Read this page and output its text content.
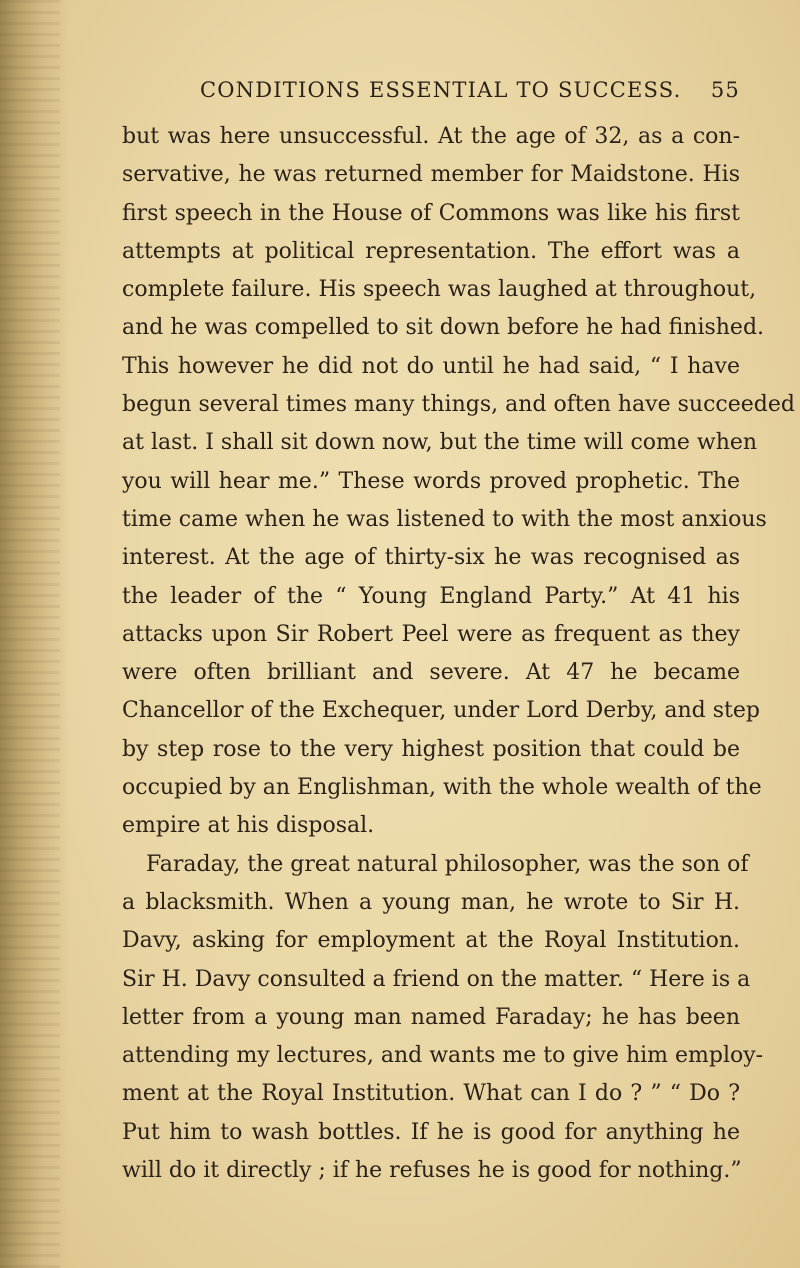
CONDITIONS ESSENTIAL TO SUCCESS. 55
but was here unsuccessful. At the age of 32, as a con-
servative, he was returned member for Maidstone. His
first speech in the House of Commons was like his first
attempts at political representation. The effort was a
complete failure. His speech was laughed at throughout,
and he was compelled to sit down before he had finished.
This however he did not do until he had said, “ I have
begun several times many things, and often have succeeded
at last. I shall sit down now, but the time will come when
you will hear me.” These words proved prophetic. The
time came when he was listened to with the most anxious
interest. At the age of thirty-six he was recognised as
the leader of the “ Young England Party.” At 41 his
attacks upon Sir Robert Peel were as frequent as they
were often brilliant and severe. At 47 he became
Chancellor of the Exchequer, under Lord Derby, and step
by step rose to the very highest position that could be
occupied by an Englishman, with the whole wealth of the
empire at his disposal.
Faraday, the great natural philosopher, was the son of
a blacksmith. When a young man, he wrote to Sir H.
Davy, asking for employment at the Royal Institution.
Sir H. Davy consulted a friend on the matter. “ Here is a
letter from a young man named Faraday; he has been
attending my lectures, and wants me to give him employ-
ment at the Royal Institution. What can I do ? ” “ Do ?
Put him to wash bottles. If he is good for anything he
will do it directly ; if he refuses he is good for nothing.”
